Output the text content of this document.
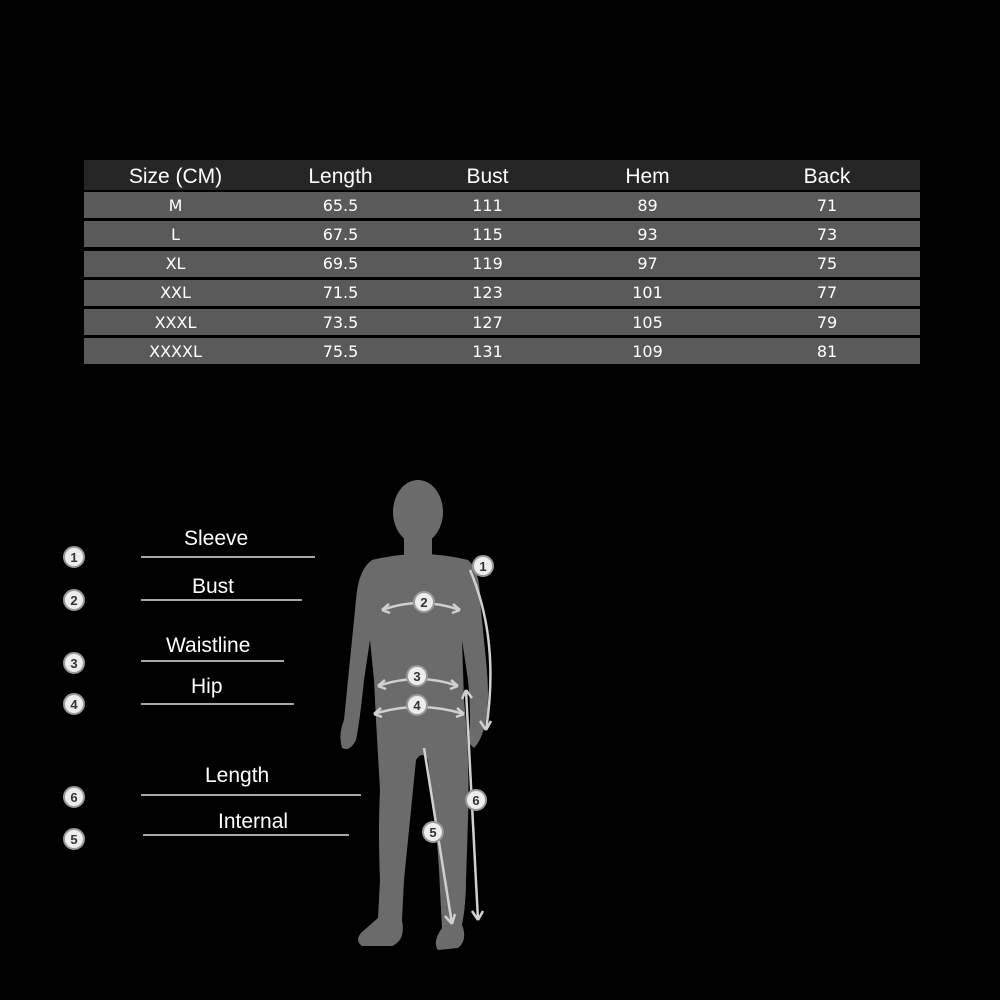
Size (CM)	Length	Bust	Hem	Back
M	65.5	111	89	71
L	67.5	115	93	73
XL	69.5	119	97	75
XXL	71.5	123	101	77
XXXL	73.5	127	105	79
XXXXL	75.5	131	109	81
1
Sleeve
2
Bust
3
Waistline
4
Hip
6
Length
5
Internal
1
2
3
4
5
6
